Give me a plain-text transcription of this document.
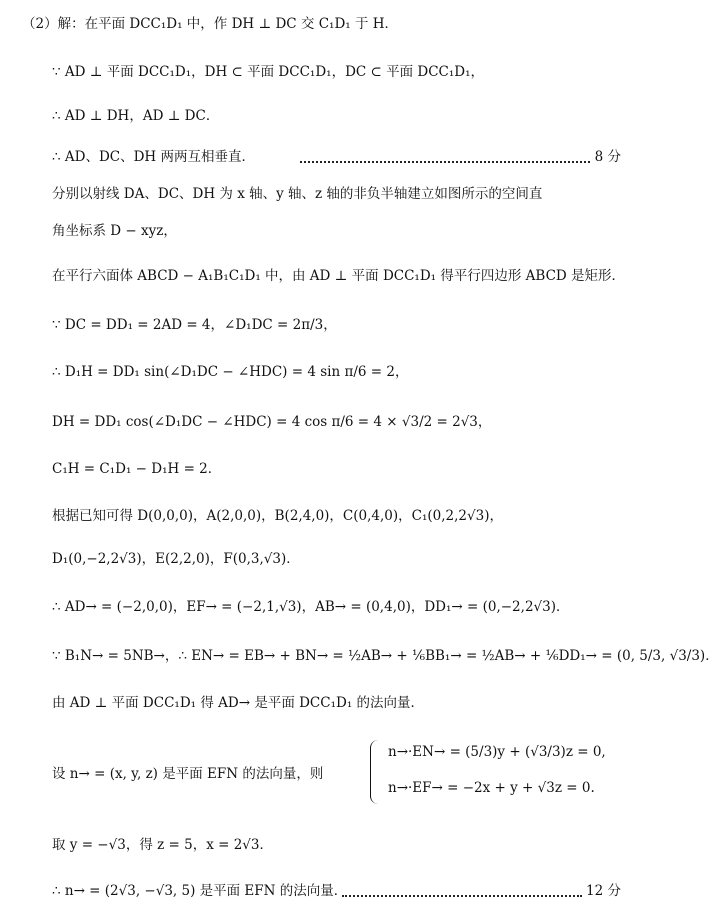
（2）解：在平面 DCC₁D₁ 中，作 DH ⊥ DC 交 C₁D₁ 于 H．
∵ AD ⊥ 平面 DCC₁D₁，DH ⊂ 平面 DCC₁D₁，DC ⊂ 平面 DCC₁D₁，
∴ AD ⊥ DH，AD ⊥ DC．
∴ AD、DC、DH 两两互相垂直．	8 分
分别以射线 DA、DC、DH 为 x 轴、y 轴、z 轴的非负半轴建立如图所示的空间直
角坐标系 D − xyz，
在平行六面体 ABCD − A₁B₁C₁D₁ 中，由 AD ⊥ 平面 DCC₁D₁ 得平行四边形 ABCD 是矩形．
∵ DC = DD₁ = 2AD = 4，∠D₁DC = 2π/3，
∴ D₁H = DD₁ sin(∠D₁DC − ∠HDC) = 4 sin π/6 = 2，
DH = DD₁ cos(∠D₁DC − ∠HDC) = 4 cos π/6 = 4 × √3/2 = 2√3，
C₁H = C₁D₁ − D₁H = 2．
根据已知可得 D(0,0,0)，A(2,0,0)，B(2,4,0)，C(0,4,0)，C₁(0,2,2√3)，
D₁(0,−2,2√3)，E(2,2,0)，F(0,3,√3)．
∴ AD→ = (−2,0,0)，EF→ = (−2,1,√3)，AB→ = (0,4,0)，DD₁→ = (0,−2,2√3)．
∵ B₁N→ = 5NB→，∴ EN→ = EB→ + BN→ = ½AB→ + ⅙BB₁→ = ½AB→ + ⅙DD₁→ = (0, 5/3, √3/3)．
由 AD ⊥ 平面 DCC₁D₁ 得 AD→ 是平面 DCC₁D₁ 的法向量．
设 n→ = (x, y, z) 是平面 EFN 的法向量，则
n→·EN→ = (5/3)y + (√3/3)z = 0,
n→·EF→ = −2x + y + √3z = 0.
取 y = −√3，得 z = 5，x = 2√3．
∴ n→ = (2√3, −√3, 5) 是平面 EFN 的法向量．	12 分
